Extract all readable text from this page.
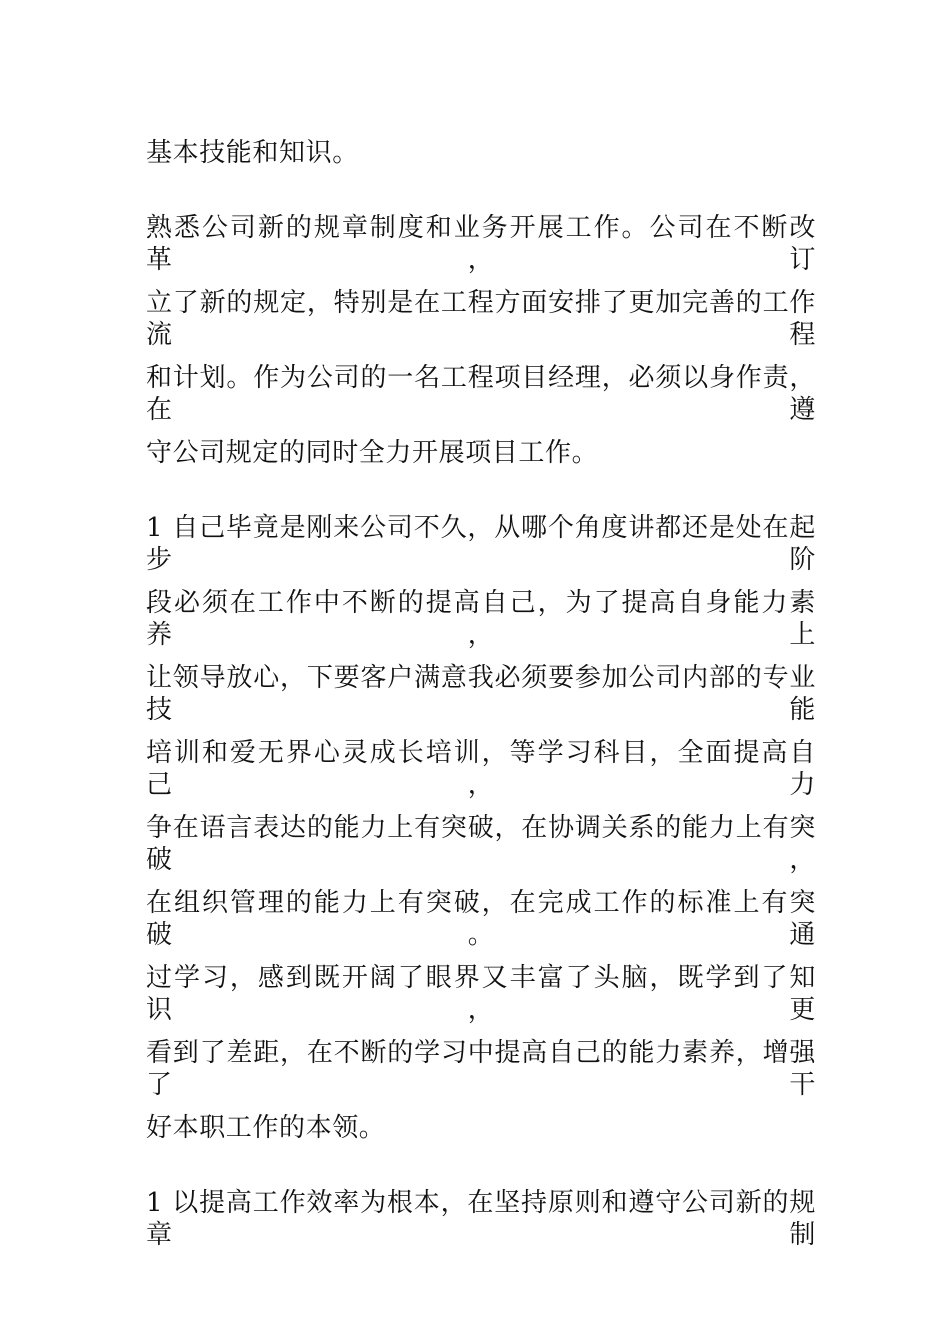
基本技能和知识。
熟悉公司新的规章制度和业务开展工作。公司在不断改革，订
立了新的规定，特别是在工程方面安排了更加完善的工作流程
和计划。作为公司的一名工程项目经理，必须以身作责，在遵
守公司规定的同时全力开展项目工作。
1 自己毕竟是刚来公司不久，从哪个角度讲都还是处在起步阶
段必须在工作中不断的提高自己，为了提高自身能力素养，上
让领导放心，下要客户满意我必须要参加公司内部的专业技能
培训和爱无界心灵成长培训，等学习科目，全面提高自己，力
争在语言表达的能力上有突破，在协调关系的能力上有突破，
在组织管理的能力上有突破，在完成工作的标准上有突破。通
过学习，感到既开阔了眼界又丰富了头脑，既学到了知识，更
看到了差距，在不断的学习中提高自己的能力素养，增强了干
好本职工作的本领。
1 以提高工作效率为根本，在坚持原则和遵守公司新的规章制
